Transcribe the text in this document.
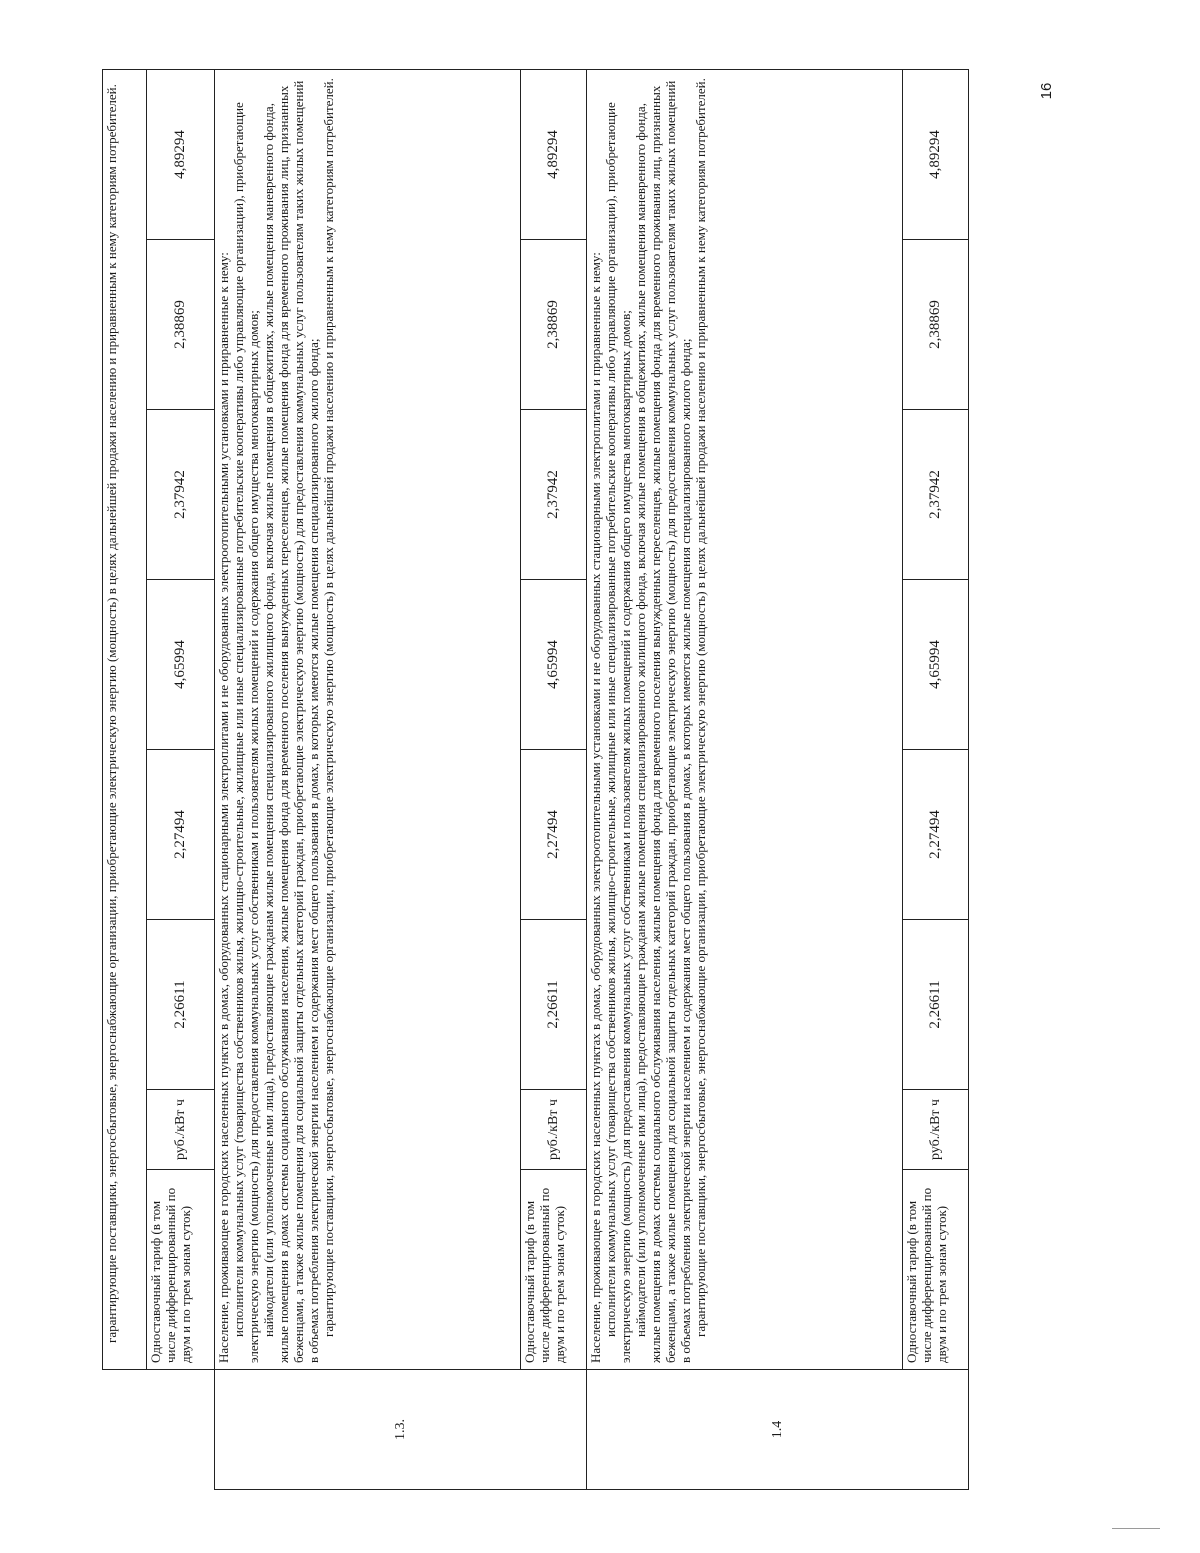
16
	гарантирующие поставщики, энергосбытовые, энергоснабжающие организации, приобретающие электрическую энергию (мощность) в целях дальнейшей продажи населению и приравненным к нему категориям потребителей.							
	Одноставочный тариф (в том числе дифференцированный по двум и по трем зонам суток)	руб./кВт ч	2,26611	2,27494	4,65994	2,37942	2,38869	4,89294
1.3.	Население, проживающее в городских населенных пунктах в домах, оборудованных стационарными электроплитами и не оборудованных электроотопительными установками и приравненные к нему: исполнители коммунальных услуг (товарищества собственников жилья, жилищно-строительные, жилищные или иные специализированные потребительские кооперативы либо управляющие организации), приобретающие электрическую энергию (мощность) для предоставления коммунальных услуг собственникам и пользователям жилых помещений и содержания общего имущества многоквартирных домов; наймодатели (или уполномоченные ими лица), предоставляющие гражданам жилые помещения специализированного жилищного фонда, включая жилые помещения в общежитиях, жилые помещения маневренного фонда, жилые помещения в домах системы социального обслуживания населения, жилые помещения фонда для временного поселения вынужденных переселенцев, жилые помещения фонда для временного проживания лиц, признанных беженцами, а также жилые помещения для социальной защиты отдельных категорий граждан, приобретающие электрическую энергию (мощность) для предоставления коммунальных услуг пользователям таких жилых помещений в объемах потребления электрической энергии населением и содержания мест общего пользования в домах, в которых имеются жилые помещения специализированного жилого фонда; гарантирующие поставщики, энергосбытовые, энергоснабжающие организации, приобретающие электрическую энергию (мощность) в целях дальнейшей продажи населению и приравненным к нему категориям потребителей.							

	Одноставочный тариф (в том числе дифференцированный по двум и по трем зонам суток)	руб./кВт ч	2,26611	2,27494	4,65994	2,37942	2,38869	4,89294
1.4	Население, проживающее в городских населенных пунктах в домах, оборудованных электроотопительными установками и не оборудованных стационарными электроплитами и приравненные к нему: исполнители коммунальных услуг (товарищества собственников жилья, жилищно-строительные, жилищные или иные специализированные потребительские кооперативы либо управляющие организации), приобретающие электрическую энергию (мощность) для предоставления коммунальных услуг собственникам и пользователям жилых помещений и содержания общего имущества многоквартирных домов; наймодатели (или уполномоченные ими лица), предоставляющие гражданам жилые помещения специализированного жилищного фонда, включая жилые помещения в общежитиях, жилые помещения маневренного фонда, жилые помещения в домах системы социального обслуживания населения, жилые помещения фонда для временного поселения вынужденных переселенцев, жилые помещения фонда для временного проживания лиц, признанных беженцами, а также жилые помещения для социальной защиты отдельных категорий граждан, приобретающие электрическую энергию (мощность) для предоставления коммунальных услуг пользователям таких жилых помещений в объемах потребления электрической энергии населением и содержания мест общего пользования в домах, в которых имеются жилые помещения специализированного жилого фонда; гарантирующие поставщики, энергосбытовые, энергоснабжающие организации, приобретающие электрическую энергию (мощность) в целях дальнейшей продажи населению и приравненным к нему категориям потребителей.							

	Одноставочный тариф (в том числе дифференцированный по двум и по трем зонам суток)	руб./кВт ч	2,26611	2,27494	4,65994	2,37942	2,38869	4,89294
